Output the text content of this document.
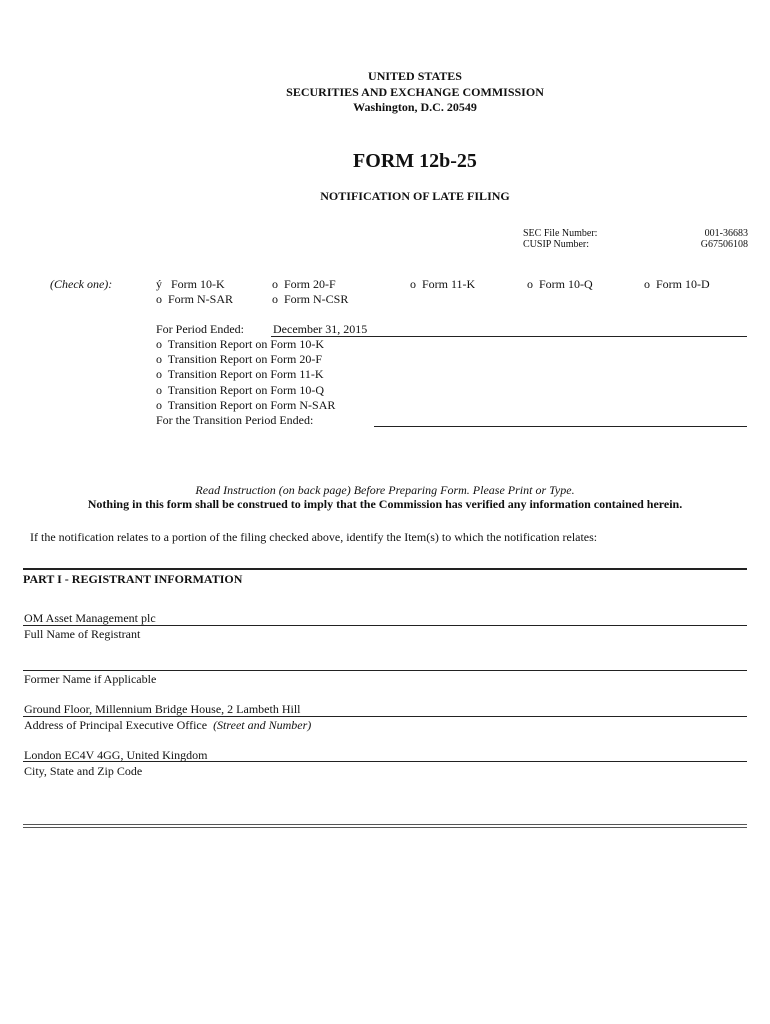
UNITED STATES
SECURITIES AND EXCHANGE COMMISSION
Washington, D.C. 20549
FORM 12b-25
NOTIFICATION OF LATE FILING
SEC File Number:	001-36683
CUSIP Number:	G67506108
(Check one):	ý Form 10-K	o Form 20-F	o Form 11-K	o Form 10-Q	o Form 10-D
o Form N-SAR	o Form N-CSR
For Period Ended: December 31, 2015
o Transition Report on Form 10-K
o Transition Report on Form 20-F
o Transition Report on Form 11-K
o Transition Report on Form 10-Q
o Transition Report on Form N-SAR
For the Transition Period Ended:
Read Instruction (on back page) Before Preparing Form. Please Print or Type.
Nothing in this form shall be construed to imply that the Commission has verified any information contained herein.
If the notification relates to a portion of the filing checked above, identify the Item(s) to which the notification relates:
PART I - REGISTRANT INFORMATION
OM Asset Management plc
Full Name of Registrant
Former Name if Applicable
Ground Floor, Millennium Bridge House, 2 Lambeth Hill
Address of Principal Executive Office (Street and Number)
London EC4V 4GG, United Kingdom
City, State and Zip Code
